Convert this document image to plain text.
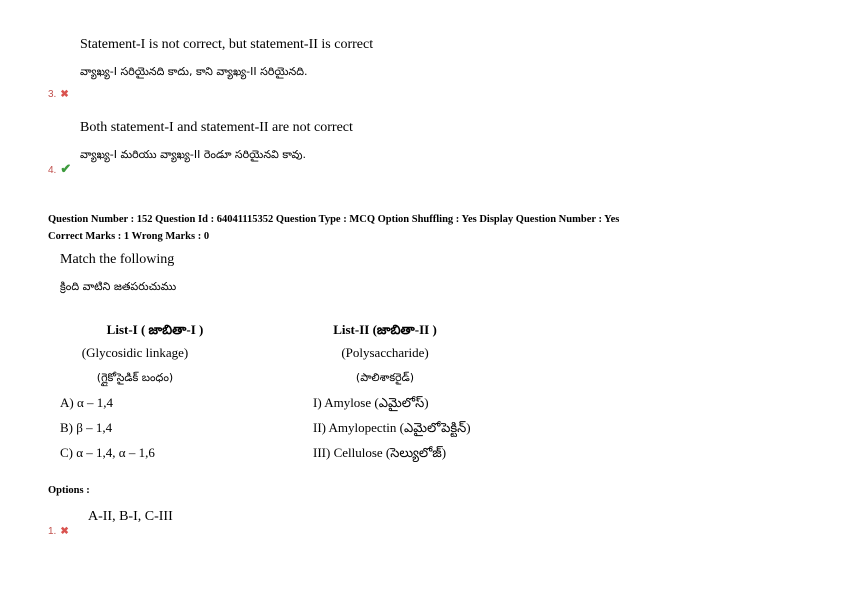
Statement-I is not correct, but statement-II is correct
వ్యాఖ్య-I సరియైనది కాదు, కాని వ్యాఖ్య-II సరియైనది.
3. ✖
Both statement-I and statement-II are not correct
వ్యాఖ్య-I మరియు వ్యాఖ్య-II రెండూ సరియైనవి కావు.
4. ✔
Question Number : 152 Question Id : 64041115352 Question Type : MCQ Option Shuffling : Yes Display Question Number : Yes
Correct Marks : 1 Wrong Marks : 0
Match the following
క్రింది వాటిని జతపరుచుము
List-I ( జాబితా-I )
(Glycosidic linkage)
(గ్లైకోసైడిక్ బంధం)
List-II (జాబితా-II )
(Polysaccharide)
(పాలిశాకరైడ్)
A) α – 1,4	I) Amylose (ఎమైలోస్)
B) β – 1,4	II) Amylopectin (ఎమైలోపెక్టిన్)
C) α – 1,4, α – 1,6	III) Cellulose (సెల్యులోజ్)
Options :
A-II, B-I, C-III
1. ✖
